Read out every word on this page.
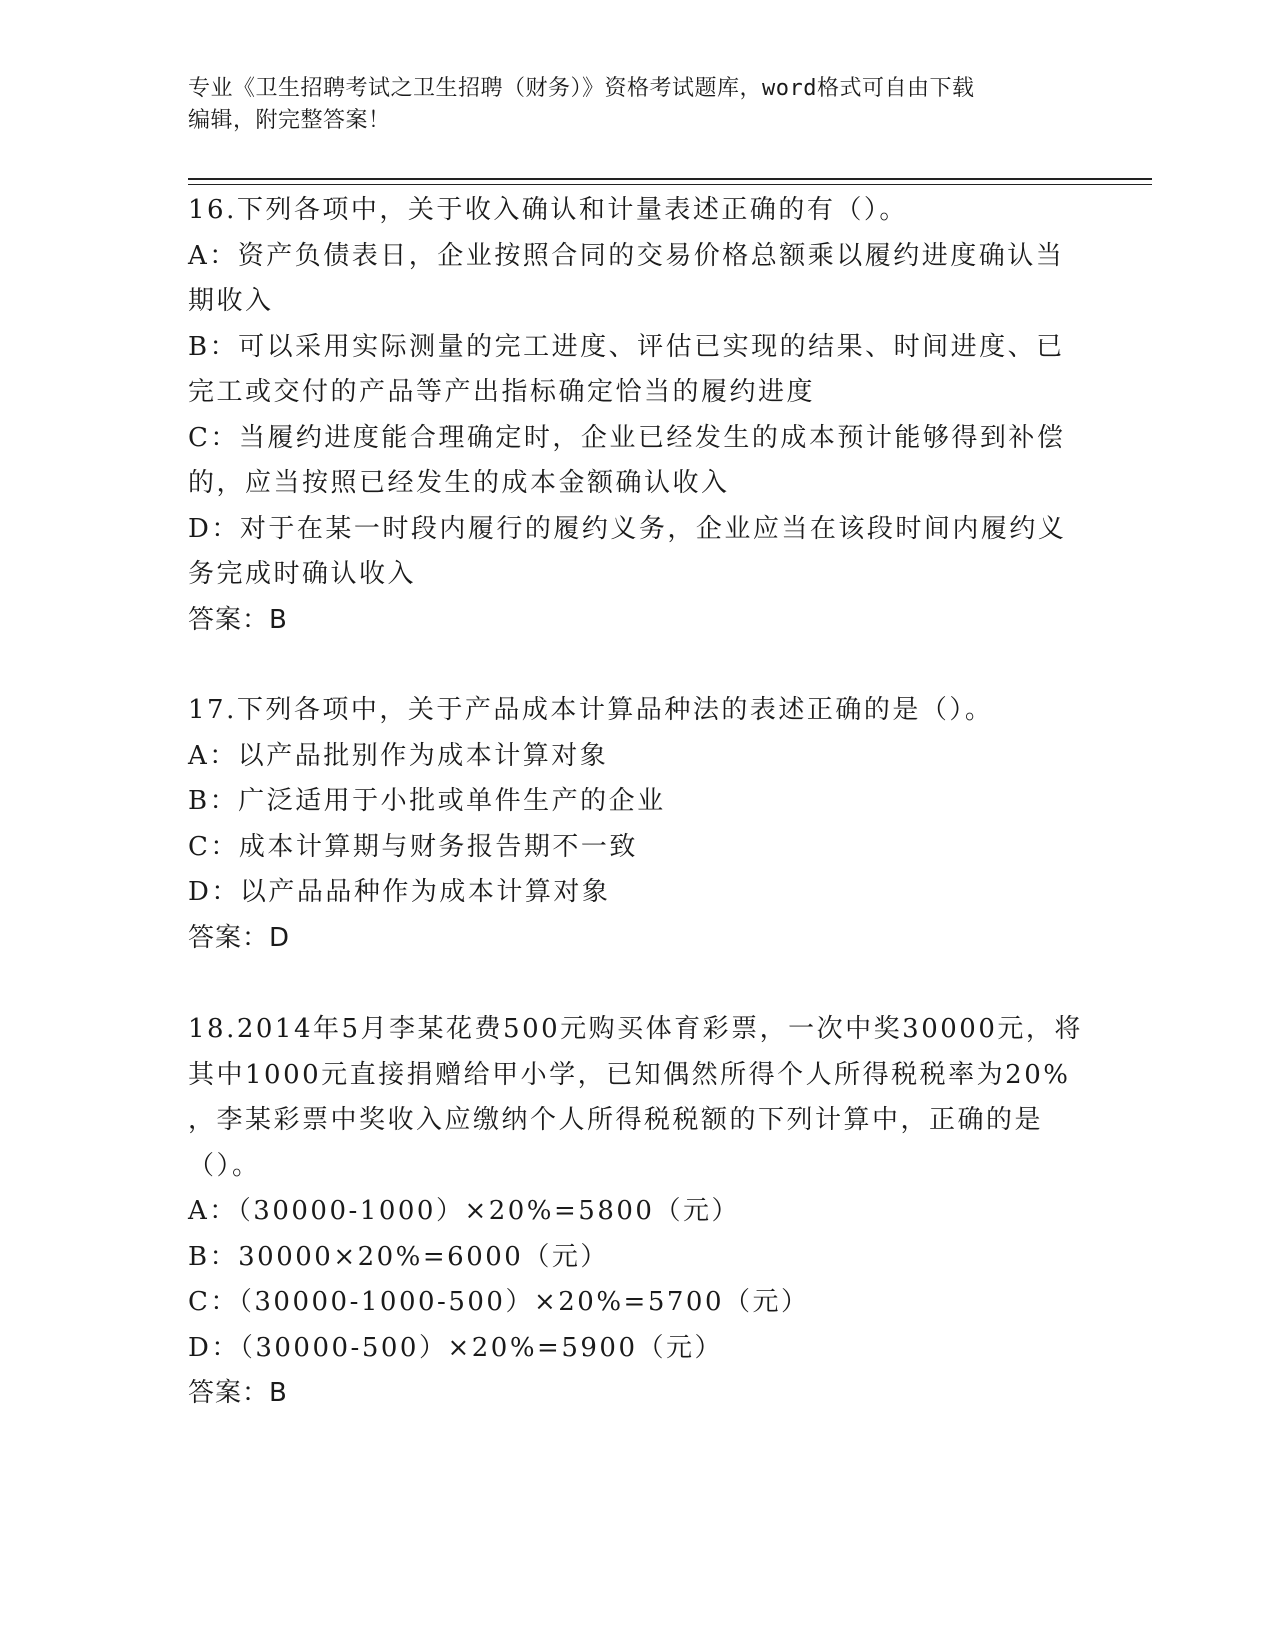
专业《卫生招聘考试之卫生招聘（财务）》资格考试题库，word格式可自由下载
编辑，附完整答案！
16.下列各项中，关于收入确认和计量表述正确的有（）。
A：资产负债表日，企业按照合同的交易价格总额乘以履约进度确认当
期收入
B：可以采用实际测量的完工进度、评估已实现的结果、时间进度、已
完工或交付的产品等产出指标确定恰当的履约进度
C：当履约进度能合理确定时，企业已经发生的成本预计能够得到补偿
的，应当按照已经发生的成本金额确认收入
D：对于在某一时段内履行的履约义务，企业应当在该段时间内履约义
务完成时确认收入
答案：B
17.下列各项中，关于产品成本计算品种法的表述正确的是（）。
A：以产品批别作为成本计算对象
B：广泛适用于小批或单件生产的企业
C：成本计算期与财务报告期不一致
D：以产品品种作为成本计算对象
答案：D
18.2014年5月李某花费500元购买体育彩票，一次中奖30000元，将
其中1000元直接捐赠给甲小学，已知偶然所得个人所得税税率为20%
，李某彩票中奖收入应缴纳个人所得税税额的下列计算中，正确的是
（）。
A：（30000-1000）×20%=5800（元）
B：30000×20%=6000（元）
C：（30000-1000-500）×20%=5700（元）
D：（30000-500）×20%=5900（元）
答案：B
